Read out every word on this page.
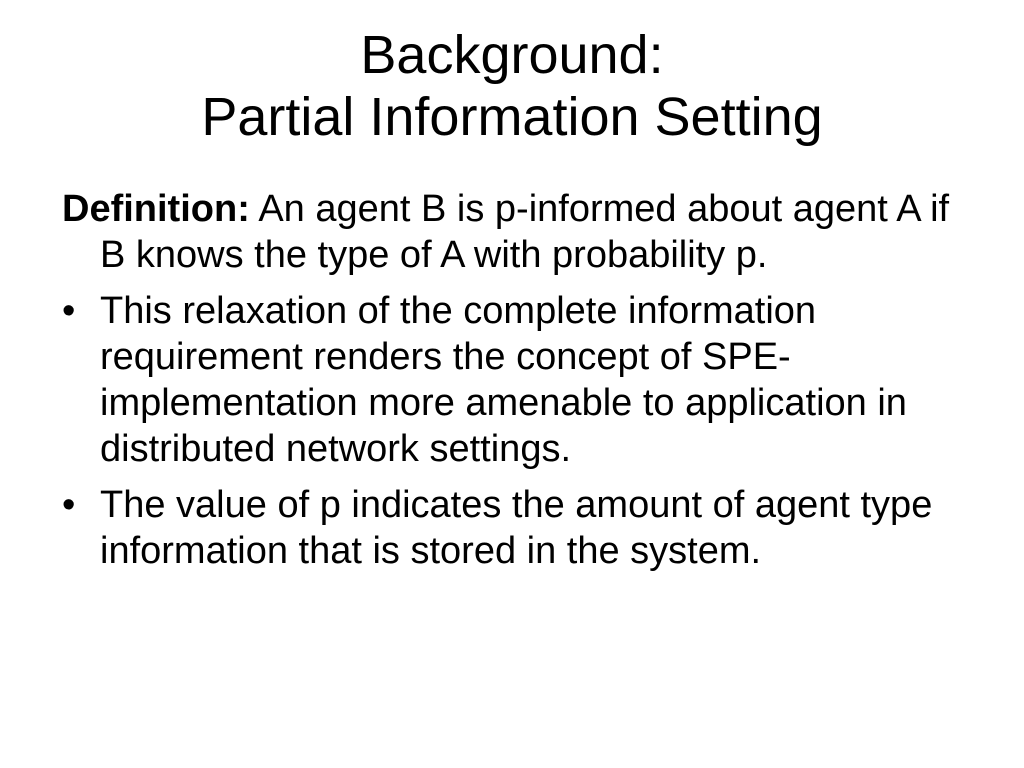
Background:
Partial Information Setting

Definition: An agent B is p-informed about agent A if B knows the type of A with probability p.

• This relaxation of the complete information requirement renders the concept of SPE-implementation more amenable to application in distributed network settings.
• The value of p indicates the amount of agent type information that is stored in the system.
